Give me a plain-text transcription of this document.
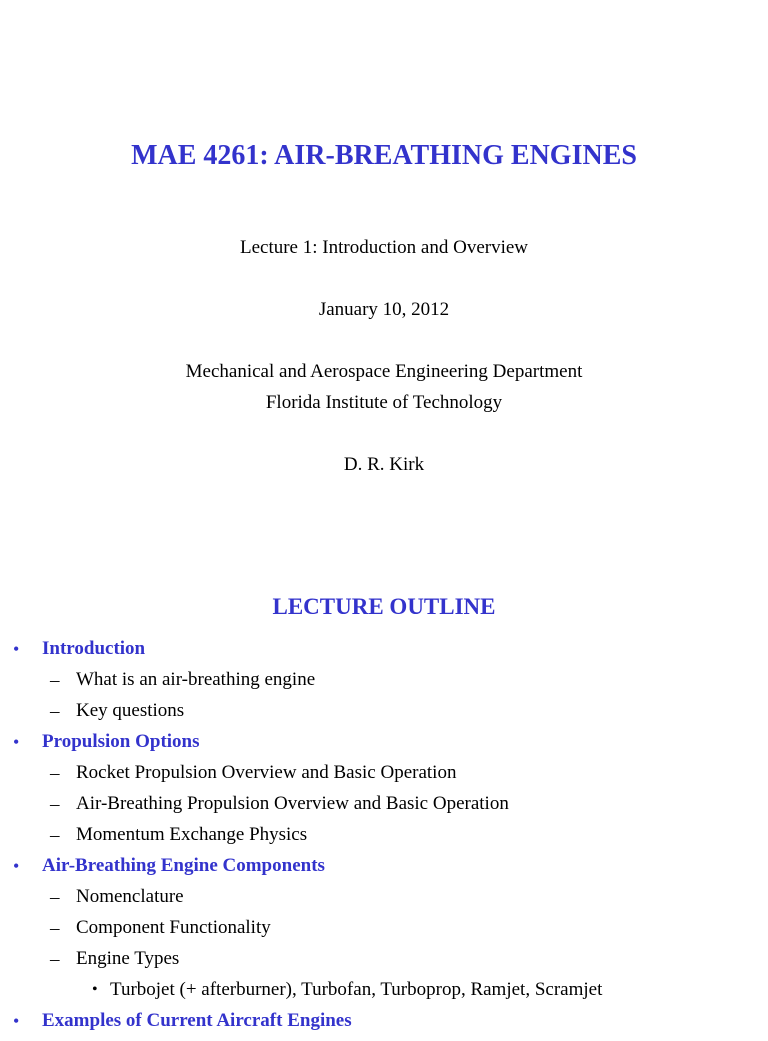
MAE 4261: AIR-BREATHING ENGINES
Lecture 1: Introduction and Overview
January 10, 2012
Mechanical and Aerospace Engineering Department
Florida Institute of Technology
D. R. Kirk
LECTURE OUTLINE
• Introduction
– What is an air-breathing engine
– Key questions
• Propulsion Options
– Rocket Propulsion Overview and Basic Operation
– Air-Breathing Propulsion Overview and Basic Operation
– Momentum Exchange Physics
• Air-Breathing Engine Components
– Nomenclature
– Component Functionality
– Engine Types
• Turbojet (+ afterburner), Turbofan, Turboprop, Ramjet, Scramjet
• Examples of Current Aircraft Engines
